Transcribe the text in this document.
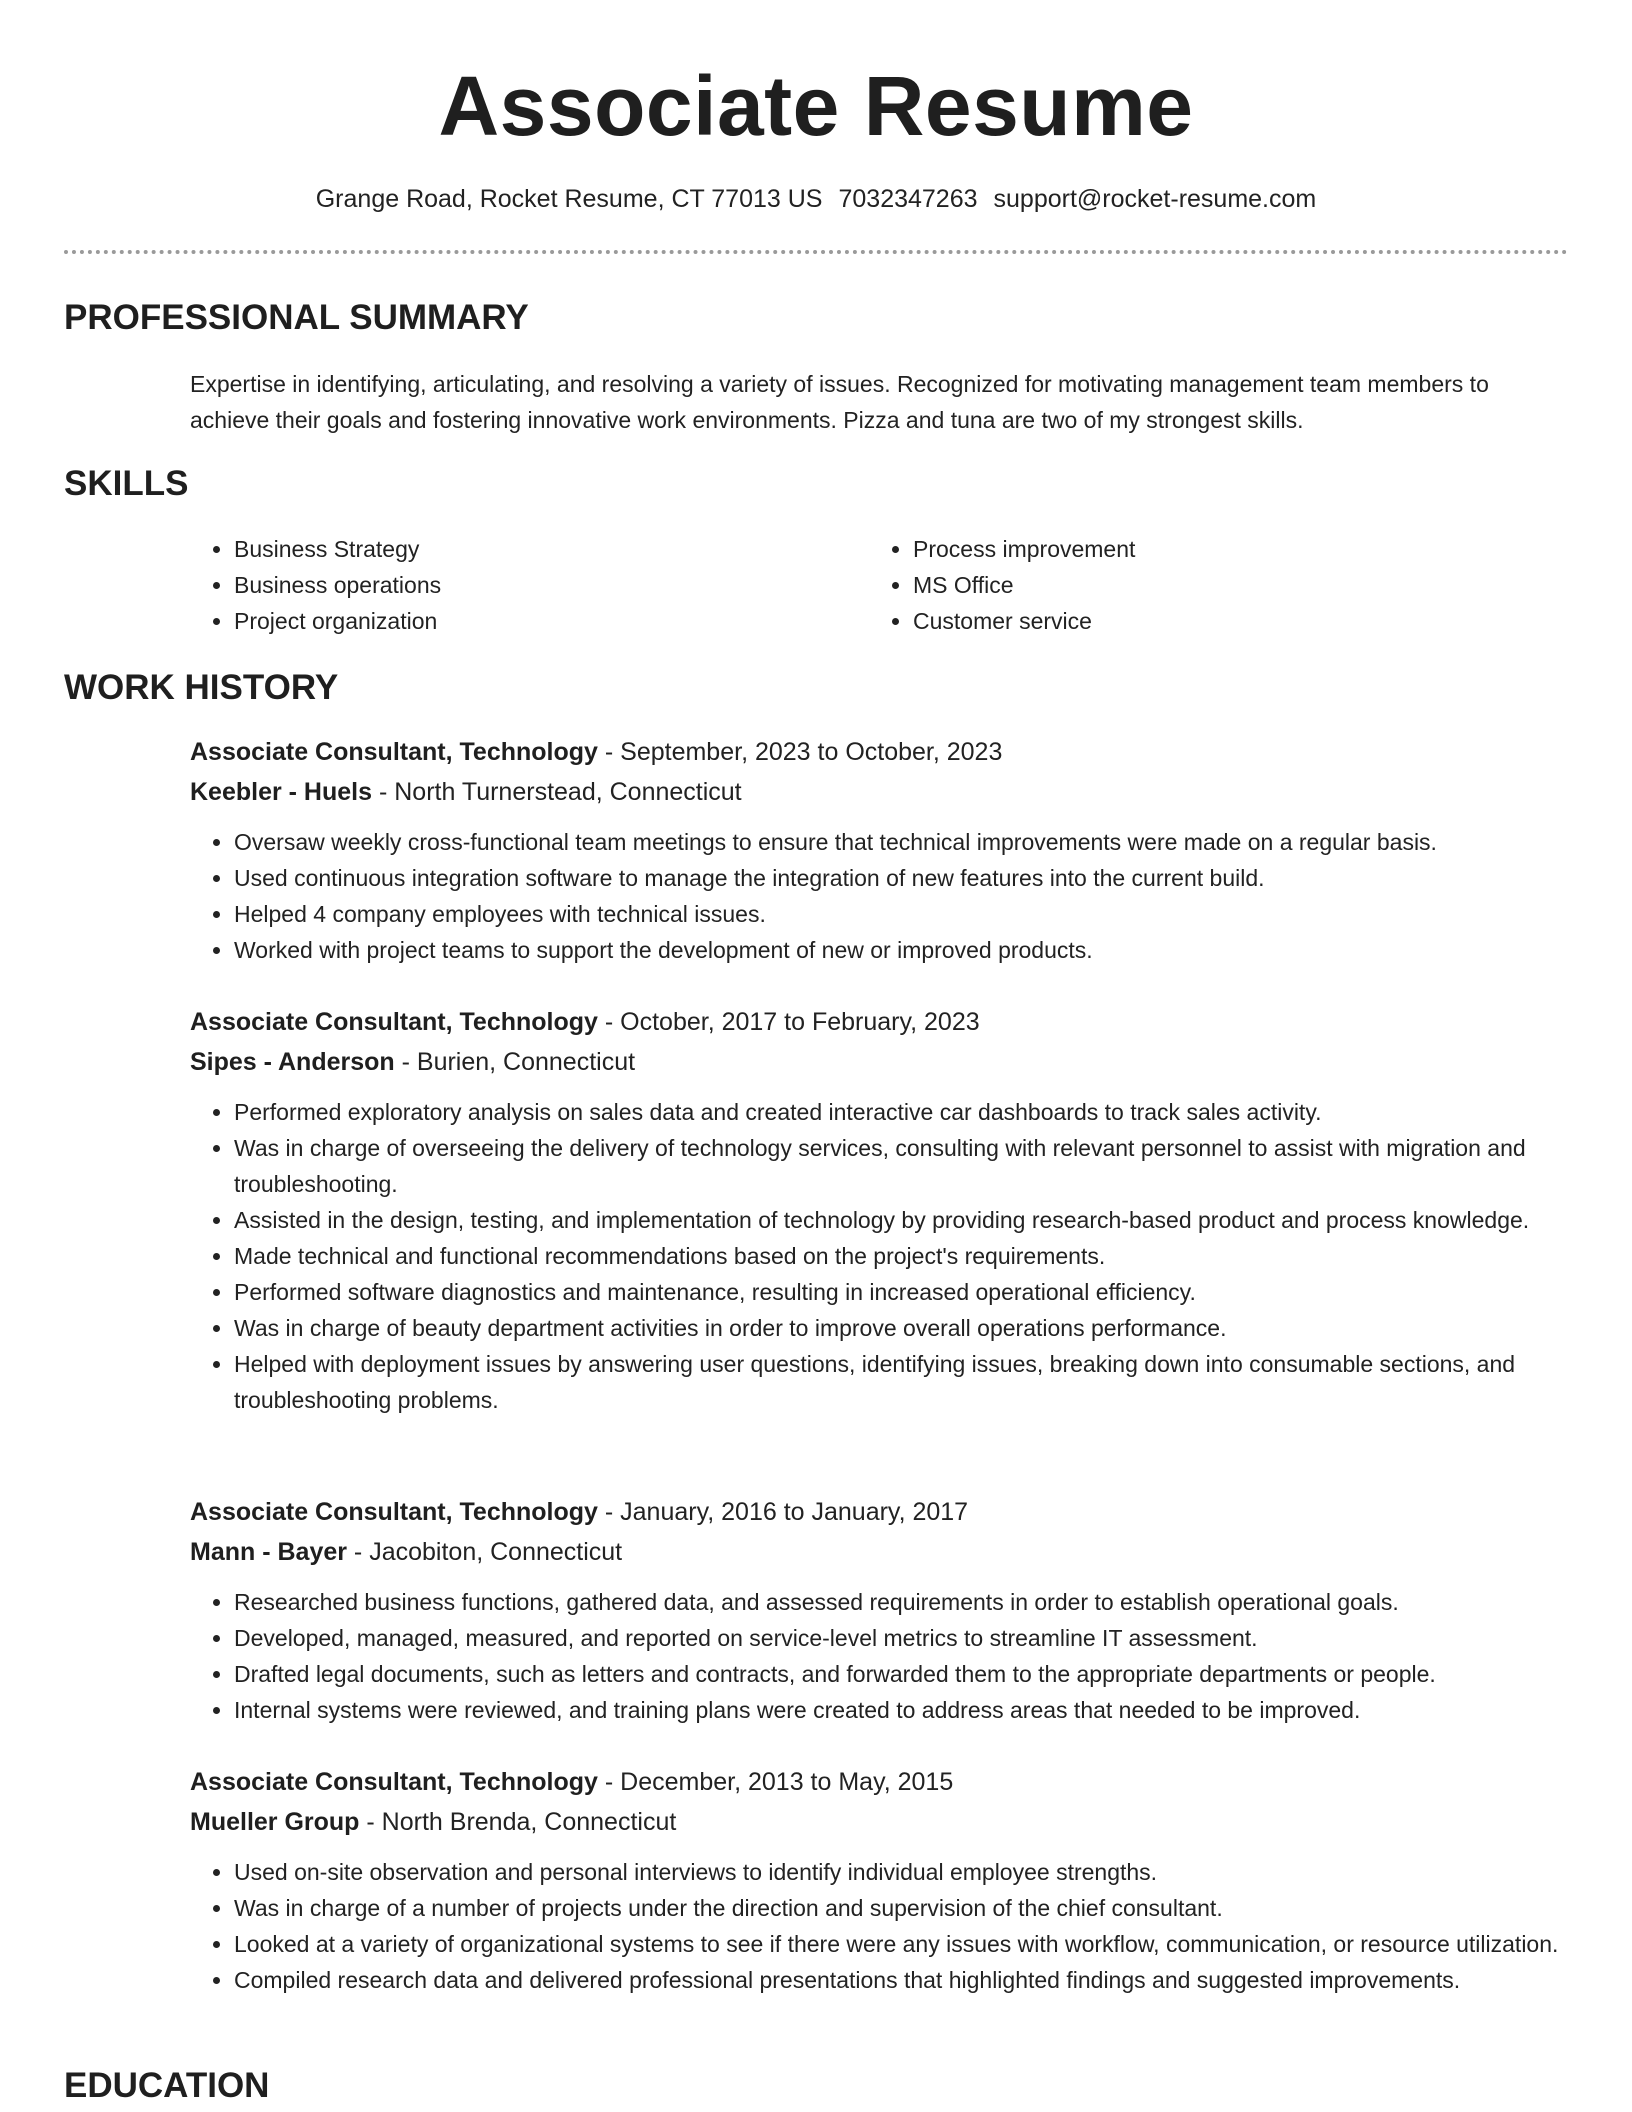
Associate Resume
Grange Road, Rocket Resume, CT 77013 US 7032347263 support@rocket-resume.com
PROFESSIONAL SUMMARY

Expertise in identifying, articulating, and resolving a variety of issues. Recognized for motivating management team members to achieve their goals and fostering innovative work environments. Pizza and tuna are two of my strongest skills.

SKILLS
• Business Strategy
• Business operations
• Project organization
• Process improvement
• MS Office
• Customer service
WORK HISTORY

Associate Consultant, Technology - September, 2023 to October, 2023

Keebler - Huels - North Turnerstead, Connecticut

• Oversaw weekly cross-functional team meetings to ensure that technical improvements were made on a regular basis.
• Used continuous integration software to manage the integration of new features into the current build.
• Helped 4 company employees with technical issues.
• Worked with project teams to support the development of new or improved products.

Associate Consultant, Technology - October, 2017 to February, 2023

Sipes - Anderson - Burien, Connecticut

• Performed exploratory analysis on sales data and created interactive car dashboards to track sales activity.
• Was in charge of overseeing the delivery of technology services, consulting with relevant personnel to assist with migration and troubleshooting.
• Assisted in the design, testing, and implementation of technology by providing research-based product and process knowledge.
• Made technical and functional recommendations based on the project's requirements.
• Performed software diagnostics and maintenance, resulting in increased operational efficiency.
• Was in charge of beauty department activities in order to improve overall operations performance.
• Helped with deployment issues by answering user questions, identifying issues, breaking down into consumable sections, and troubleshooting problems.

Associate Consultant, Technology - January, 2016 to January, 2017

Mann - Bayer - Jacobiton, Connecticut

• Researched business functions, gathered data, and assessed requirements in order to establish operational goals.
• Developed, managed, measured, and reported on service-level metrics to streamline IT assessment.
• Drafted legal documents, such as letters and contracts, and forwarded them to the appropriate departments or people.
• Internal systems were reviewed, and training plans were created to address areas that needed to be improved.

Associate Consultant, Technology - December, 2013 to May, 2015

Mueller Group - North Brenda, Connecticut

• Used on-site observation and personal interviews to identify individual employee strengths.
• Was in charge of a number of projects under the direction and supervision of the chief consultant.
• Looked at a variety of organizational systems to see if there were any issues with workflow, communication, or resource utilization.
• Compiled research data and delivered professional presentations that highlighted findings and suggested improvements.
EDUCATION
